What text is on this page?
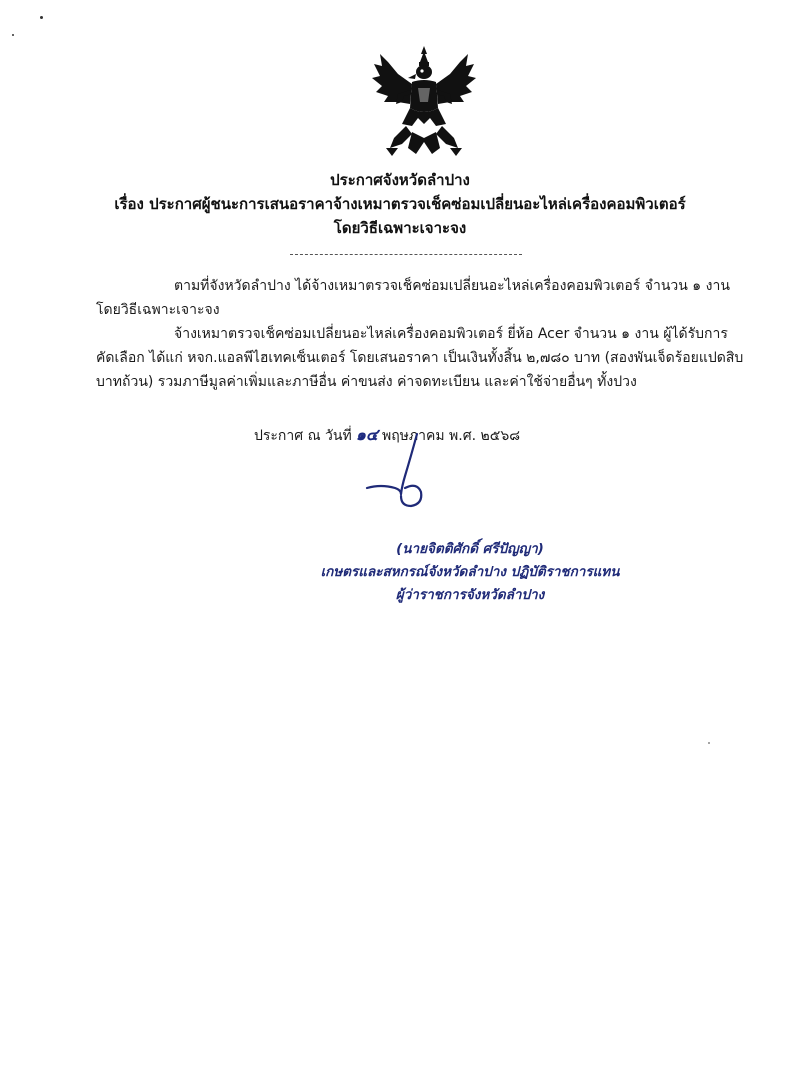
ประกาศจังหวัดลำปาง
เรื่อง ประกาศผู้ชนะการเสนอราคาจ้างเหมาตรวจเช็คซ่อมเปลี่ยนอะไหล่เครื่องคอมพิวเตอร์
โดยวิธีเฉพาะเจาะจง
ตามที่จังหวัดลำปาง ได้จ้างเหมาตรวจเช็คซ่อมเปลี่ยนอะไหล่เครื่องคอมพิวเตอร์ จำนวน ๑ งาน
โดยวิธีเฉพาะเจาะจง
จ้างเหมาตรวจเช็คซ่อมเปลี่ยนอะไหล่เครื่องคอมพิวเตอร์ ยี่ห้อ Acer จำนวน ๑ งาน ผู้ได้รับการ
คัดเลือก ได้แก่ หจก.แอลพีไฮเทคเซ็นเตอร์ โดยเสนอราคา เป็นเงินทั้งสิ้น ๒,๗๘๐ บาท (สองพันเจ็ดร้อยแปดสิบ
บาทถ้วน) รวมภาษีมูลค่าเพิ่มและภาษีอื่น ค่าขนส่ง ค่าจดทะเบียน และค่าใช้จ่ายอื่นๆ ทั้งปวง
ประกาศ ณ วันที่ ๑๔ พฤษภาคม พ.ศ. ๒๕๖๘
(นายจิตติศักดิ์ ศรีปัญญา)
เกษตรและสหกรณ์จังหวัดลำปาง ปฏิบัติราชการแทน
ผู้ว่าราชการจังหวัดลำปาง
